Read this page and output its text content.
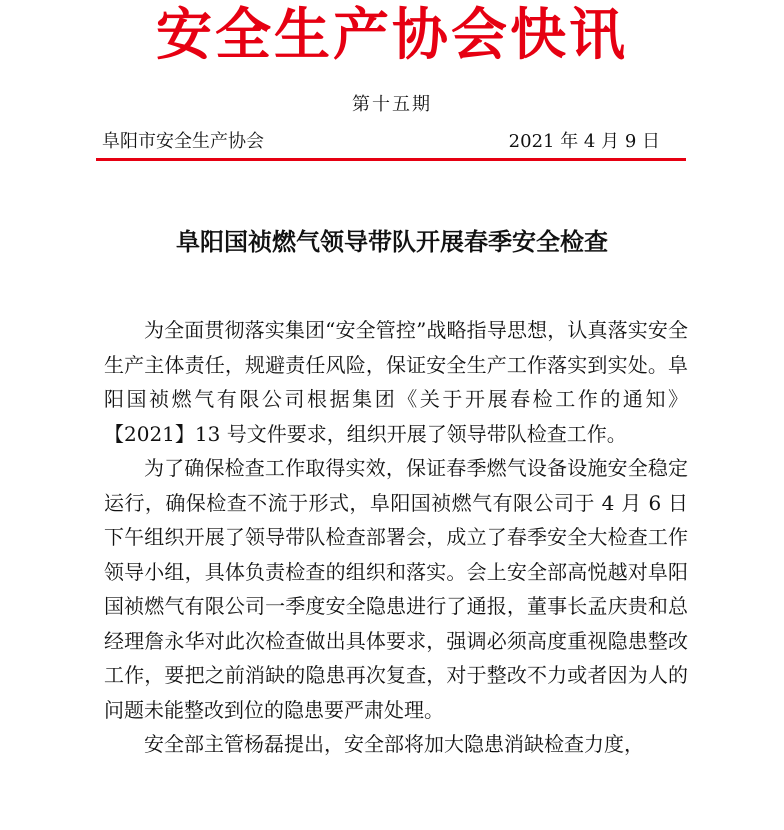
安全生产协会快讯
第十五期
阜阳市安全生产协会	2021 年 4 月 9 日
阜阳国祯燃气领导带队开展春季安全检查

为全面贯彻落实集团“安全管控”战略指导思想，认真落实安全生产主体责任，规避责任风险，保证安全生产工作落实到实处。阜阳国祯燃气有限公司根据集团《关于开展春检工作的通知》【2021】13 号文件要求，组织开展了领导带队检查工作。

为了确保检查工作取得实效，保证春季燃气设备设施安全稳定运行，确保检查不流于形式，阜阳国祯燃气有限公司于 4 月 6 日下午组织开展了领导带队检查部署会，成立了春季安全大检查工作领导小组，具体负责检查的组织和落实。会上安全部高悦越对阜阳国祯燃气有限公司一季度安全隐患进行了通报，董事长孟庆贵和总经理詹永华对此次检查做出具体要求，强调必须高度重视隐患整改工作，要把之前消缺的隐患再次复查，对于整改不力或者因为人的问题未能整改到位的隐患要严肃处理。

安全部主管杨磊提出，安全部将加大隐患消缺检查力度，
